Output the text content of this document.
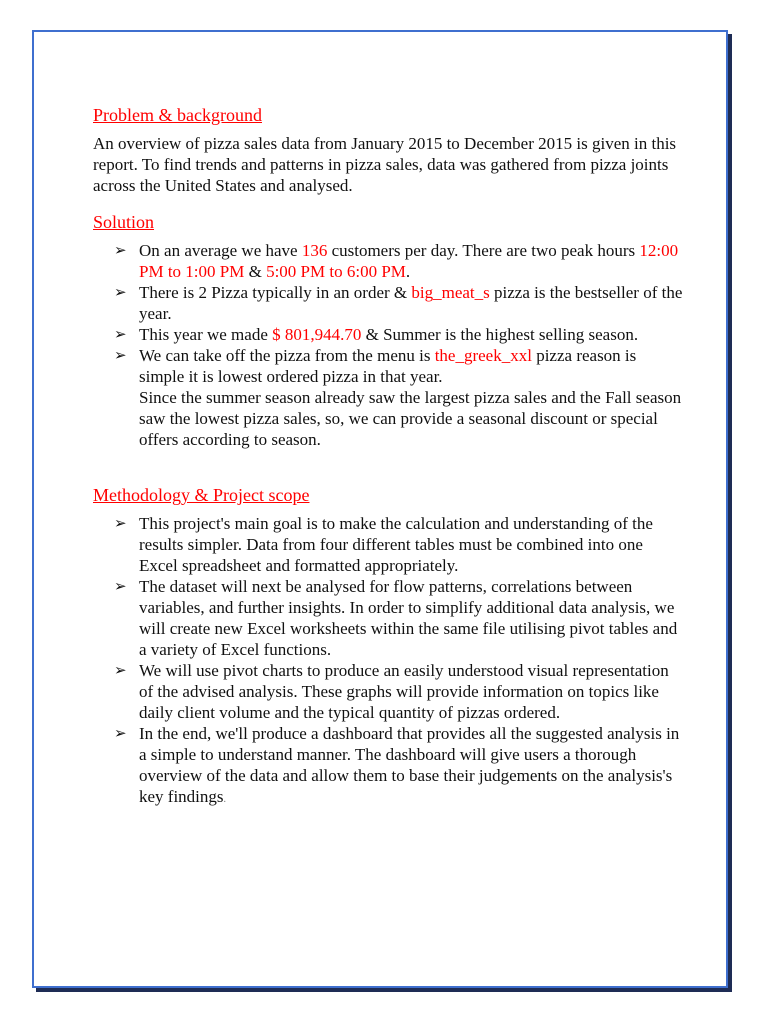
Problem & background

An overview of pizza sales data from January 2015 to December 2015 is given in this report. To find trends and patterns in pizza sales, data was gathered from pizza joints across the United States and analysed.

Solution
➢ On an average we have 136 customers per day. There are two peak hours 12:00 PM to 1:00 PM & 5:00 PM to 6:00 PM.
➢ There is 2 Pizza typically in an order & big_meat_s pizza is the bestseller of the year.
➢ This year we made $ 801,944.70 & Summer is the highest selling season.
➢ We can take off the pizza from the menu is the_greek_xxl pizza reason is simple it is lowest ordered pizza in that year.
Since the summer season already saw the largest pizza sales and the Fall season saw the lowest pizza sales, so, we can provide a seasonal discount or special offers according to season.
Methodology & Project scope
➢ This project's main goal is to make the calculation and understanding of the results simpler. Data from four different tables must be combined into one Excel spreadsheet and formatted appropriately.
➢ The dataset will next be analysed for flow patterns, correlations between variables, and further insights. In order to simplify additional data analysis, we will create new Excel worksheets within the same file utilising pivot tables and a variety of Excel functions.
➢ We will use pivot charts to produce an easily understood visual representation of the advised analysis. These graphs will provide information on topics like daily client volume and the typical quantity of pizzas ordered.
➢ In the end, we'll produce a dashboard that provides all the suggested analysis in a simple to understand manner. The dashboard will give users a thorough overview of the data and allow them to base their judgements on the analysis's key findings.
